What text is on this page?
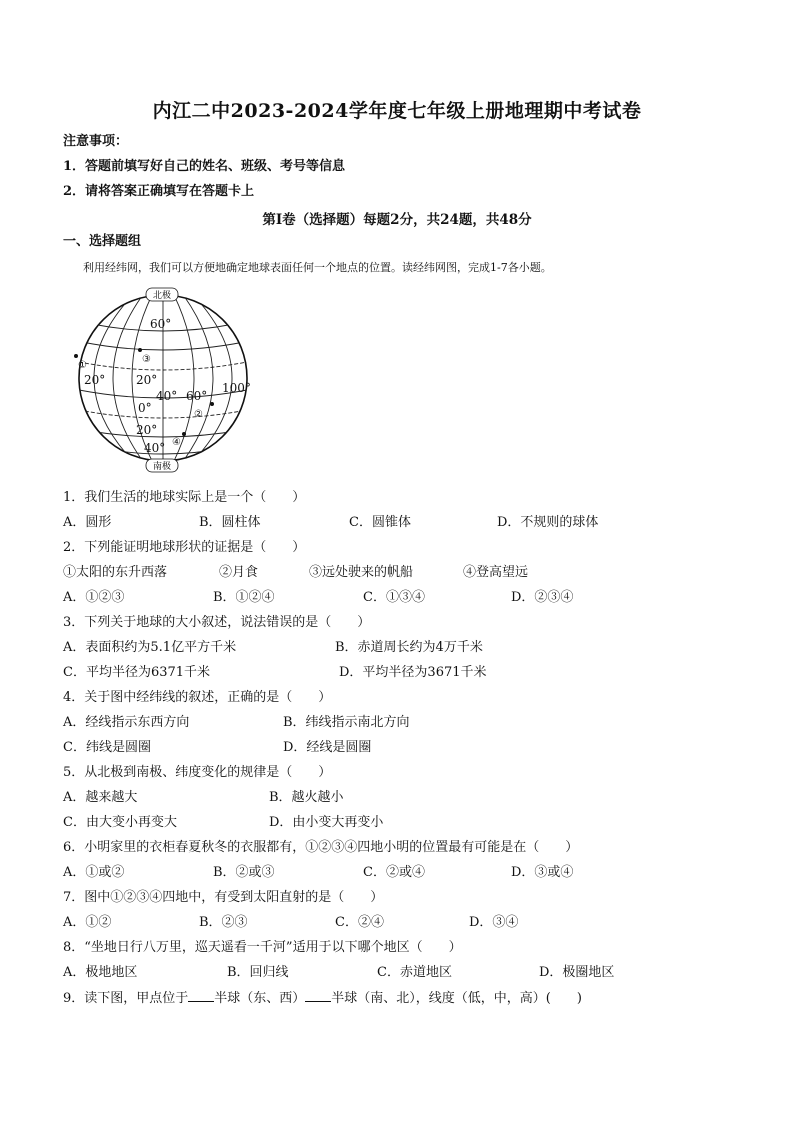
内江二中2023-2024学年度七年级上册地理期中考试卷
注意事项：
1．答题前填写好自己的姓名、班级、考号等信息
2．请将答案正确填写在答题卡上
第I卷（选择题）每题2分，共24题，共48分
一、选择题组
利用经纬网，我们可以方便地确定地球表面任何一个地点的位置。读经纬网图，完成1-7各小题。
北极
南极
60°
20°	20°
40° 60°
100°
0°
20°
40°
①
②
③
④
1．我们生活的地球实际上是一个（　　）
A．圆形	B．圆柱体	C．圆锥体	D．不规则的球体
2．下列能证明地球形状的证据是（　　）
①太阳的东升西落	②月食	③远处驶来的帆船	④登高望远
A．①②③	B．①②④	C．①③④	D．②③④
3．下列关于地球的大小叙述，说法错误的是（　　）
A．表面积约为5.1亿平方千米	B．赤道周长约为4万千米
C．平均半径为6371千米	D．平均半径为3671千米
4．关于图中经纬线的叙述，正确的是（　　）
A．经线指示东西方向	B．纬线指示南北方向
C．纬线是圆圈	D．经线是圆圈
5．从北极到南极、纬度变化的规律是（　　）
A．越来越大	B．越火越小
C．由大变小再变大	D．由小变大再变小
6．小明家里的衣柜春夏秋冬的衣服都有，①②③④四地小明的位置最有可能是在（　　）
A．①或②	B．②或③	C．②或④	D．③或④
7．图中①②③④四地中，有受到太阳直射的是（　　）
A．①②	B．②③	C．②④	D．③④
8．“坐地日行八万里，巡天遥看一千河”适用于以下哪个地区（　　）
A．极地地区	B．回归线	C．赤道地区	D．极圈地区
9．读下图，甲点位于 半球（东、西） 半球（南、北），线度（低，中，高）(　　)
